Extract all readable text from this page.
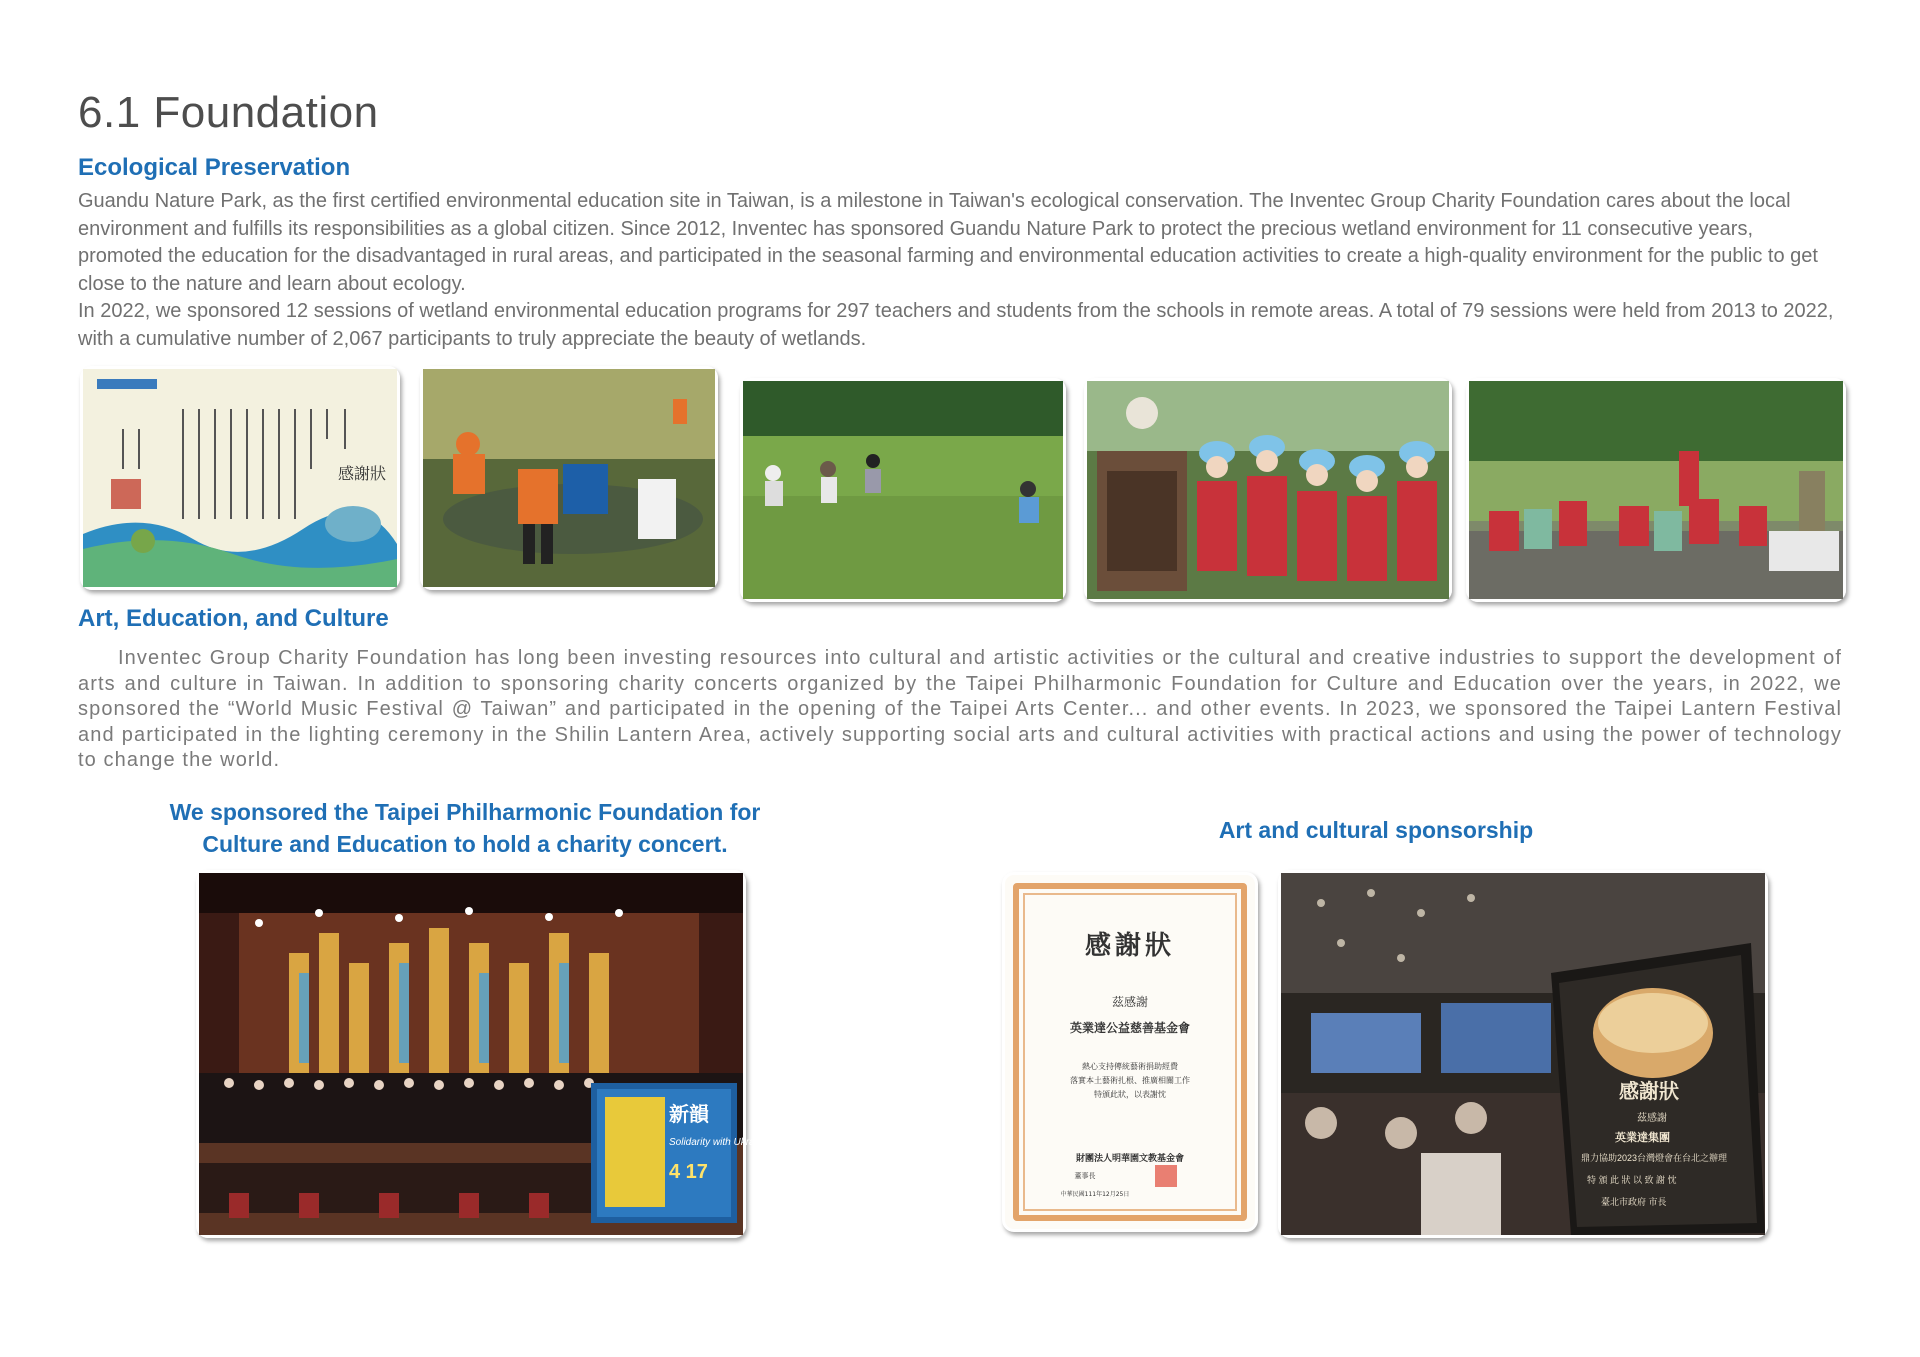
6.1 Foundation
Ecological Preservation

Guandu Nature Park, as the first certified environmental education site in Taiwan, is a milestone in Taiwan's ecological conservation. The Inventec Group Charity Foundation cares about the local environment and fulfills its responsibilities as a global citizen. Since 2012, Inventec has sponsored Guandu Nature Park to protect the precious wetland environment for 11 consecutive years, promoted the education for the disadvantaged in rural areas, and participated in the seasonal farming and environmental education activities to create a high-quality environment for the public to get close to the nature and learn about ecology.

In 2022, we sponsored 12 sessions of wetland environmental education programs for 297 teachers and students from the schools in remote areas. A total of 79 sessions were held from 2013 to 2022, with a cumulative number of 2,067 participants to truly appreciate the beauty of wetlands.

感謝狀
Art, Education, and Culture

Inventec Group Charity Foundation has long been investing resources into cultural and artistic activities or the cultural and creative industries to support the development of arts and culture in Taiwan. In addition to sponsoring charity concerts organized by the Taipei Philharmonic Foundation for Culture and Education over the years, in 2022, we sponsored the “World Music Festival @ Taiwan” and participated in the opening of the Taipei Arts Center... and other events. In 2023, we sponsored the Taipei Lantern Festival and participated in the lighting ceremony in the Shilin Lantern Area, actively supporting social arts and cultural activities with practical actions and using the power of technology to change the world.

We sponsored the Taipei Philharmonic Foundation for
Culture and Education to hold a charity concert.
Art and cultural sponsorship
新韻
Solidarity with Ukraine
4 17
感謝狀
茲感謝
英業達公益慈善基金會
熱心支持傳統藝術捐助經費
落實本土藝術扎根、推廣相關工作
特頒此狀，以表謝忱
財團法人明華園文教基金會
董事長
中華民國111年12月25日
感謝狀
茲感謝
英業達集團
鼎力協助2023台灣燈會在台北之辦理
特 頒 此 狀 以 致 謝 忱
臺北市政府 市長
